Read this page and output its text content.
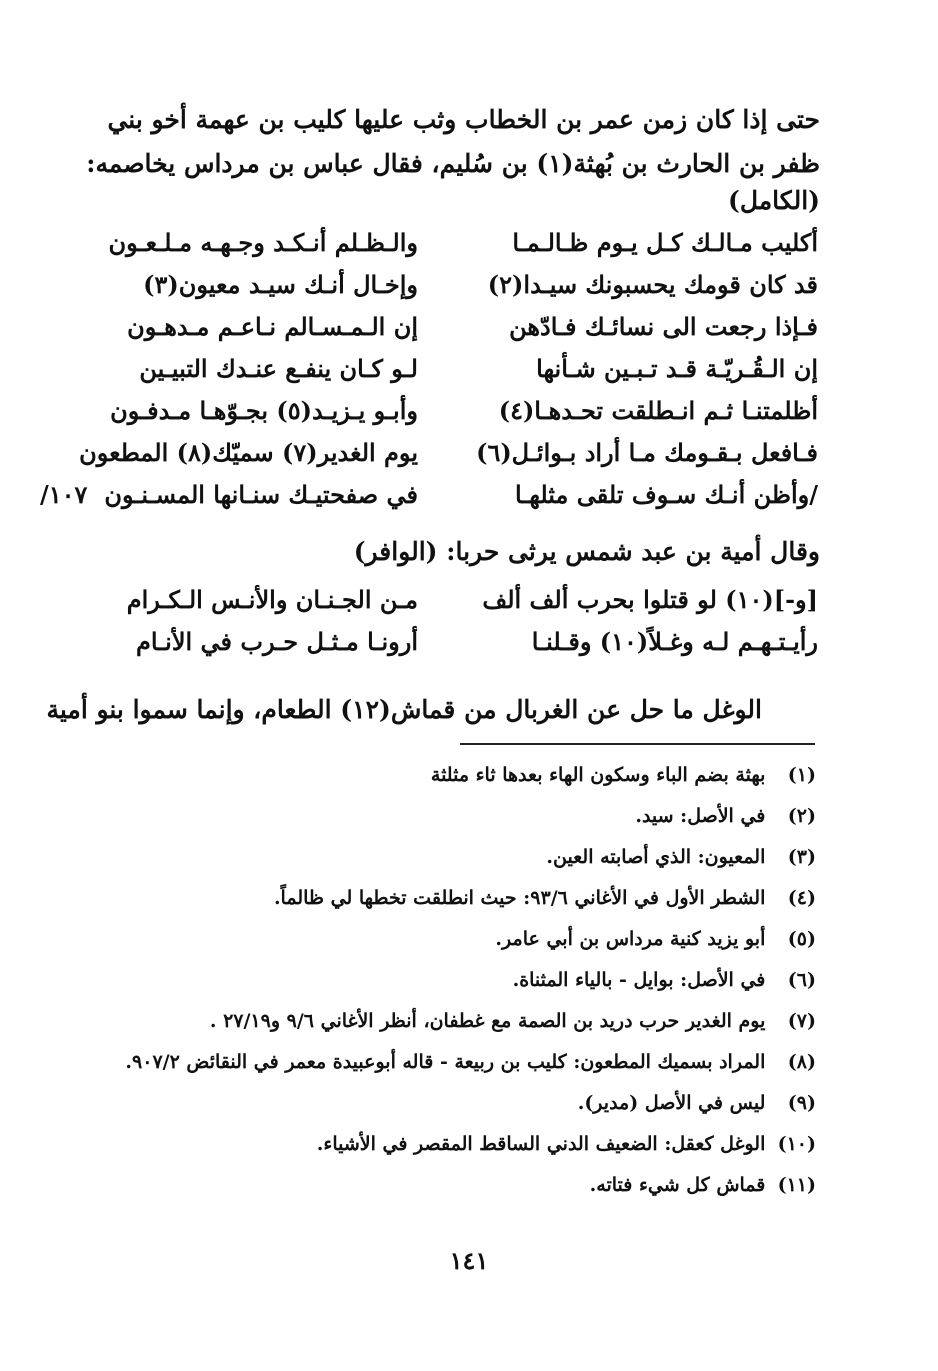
حتى إذا كان زمن عمر بن الخطاب وثب عليها كليب بن عهمة أخو بني
ظفر بن الحارث بن بُهثة(١) بن سُليم، فقال عباس بن مرداس يخاصمه:
(الكامل)
أكليب مـالـك كـل يـوم ظـالـمـا
والـظـلم أنـكـد وجـهـه مـلـعـون
قد كان قومك يحسبونك سيـدا(٢)
وإخـال أنـك سيـد معيون(٣)
فـإذا رجعت الى نسائـك فـادّهن
إن الـمـسـالم نـاعـم مـدهـون
إن الـقُـريّـة قـد تـبـين شـأنها
لـو كـان ينفـع عنـدك التبيـين
أظلمتنـا ثـم انـطلقت تحـدهـا(٤)
وأبـو يـزيـد(٥) بجـوّهـا مـدفـون
فـافعل بـقـومك مـا أراد بـوائـل(٦)
يوم الغدير(٧) سميّك(٨) المطعون
/وأظن أنـك سـوف تلقى مثلهـا
في صفحتيـك سنـانها المسـنـون
١٠٧/
وقال أمية بن عبد شمس يرثى حربا: (الوافر)
[و-](١٠) لو قتلوا بحرب ألف ألف
مـن الجـنـان والأنـس الـكـرام
رأيـتـهـم لـه وغـلاً(١٠) وقـلنـا
أرونـا مـثـل حـرب في الأنـام
الوغل ما حل عن الغربال من قماش(١٢) الطعام، وإنما سموا بنو أمية
(١) بهثة بضم الباء وسكون الهاء بعدها ثاء مثلثة
(٢) في الأصل: سيد.
(٣) المعيون: الذي أصابته العين.
(٤) الشطر الأول في الأغاني ٩٣/٦: حيث انطلقت تخطها لي ظالماً.
(٥) أبو يزيد كنية مرداس بن أبي عامر.
(٦) في الأصل: بوايل - بالياء المثناة.
(٧) يوم الغدير حرب دريد بن الصمة مع غطفان، أنظر الأغاني ٩/٦ و٢٧/١٩ .
(٨) المراد بسميك المطعون: كليب بن ربيعة - قاله أبوعبيدة معمر في النقائض ٩٠٧/٢.
(٩) ليس في الأصل (مدير).
(١٠) الوغل كعقل: الضعيف الدني الساقط المقصر في الأشياء.
(١١) قماش كل شيء فتاته.
١٤١
